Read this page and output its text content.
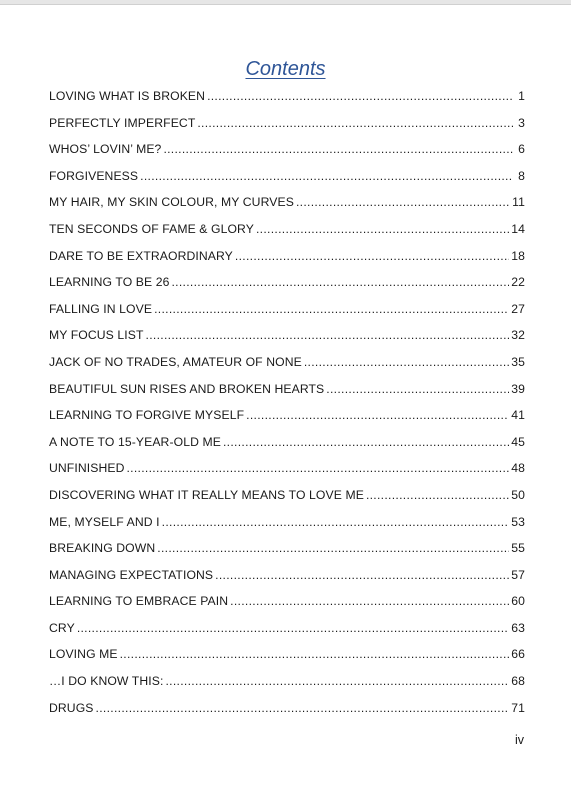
Contents
LOVING WHAT IS BROKEN .....	1
PERFECTLY IMPERFECT .....	3
WHOS’ LOVIN’ ME? .....	6
FORGIVENESS .....	8
MY HAIR, MY SKIN COLOUR, MY CURVES .....	11
TEN SECONDS OF FAME & GLORY .....	14
DARE TO BE EXTRAORDINARY .....	18
LEARNING TO BE 26 .....	22
FALLING IN LOVE .....	27
MY FOCUS LIST .....	32
JACK OF NO TRADES, AMATEUR OF NONE .....	35
BEAUTIFUL SUN RISES AND BROKEN HEARTS .....	39
LEARNING TO FORGIVE MYSELF .....	41
A NOTE TO 15-YEAR-OLD ME .....	45
UNFINISHED .....	48
DISCOVERING WHAT IT REALLY MEANS TO LOVE ME .....	50
ME, MYSELF AND I .....	53
BREAKING DOWN .....	55
MANAGING EXPECTATIONS .....	57
LEARNING TO EMBRACE PAIN .....	60
CRY .....	63
LOVING ME .....	66
…I DO KNOW THIS: .....	68
DRUGS .....	71
iv
